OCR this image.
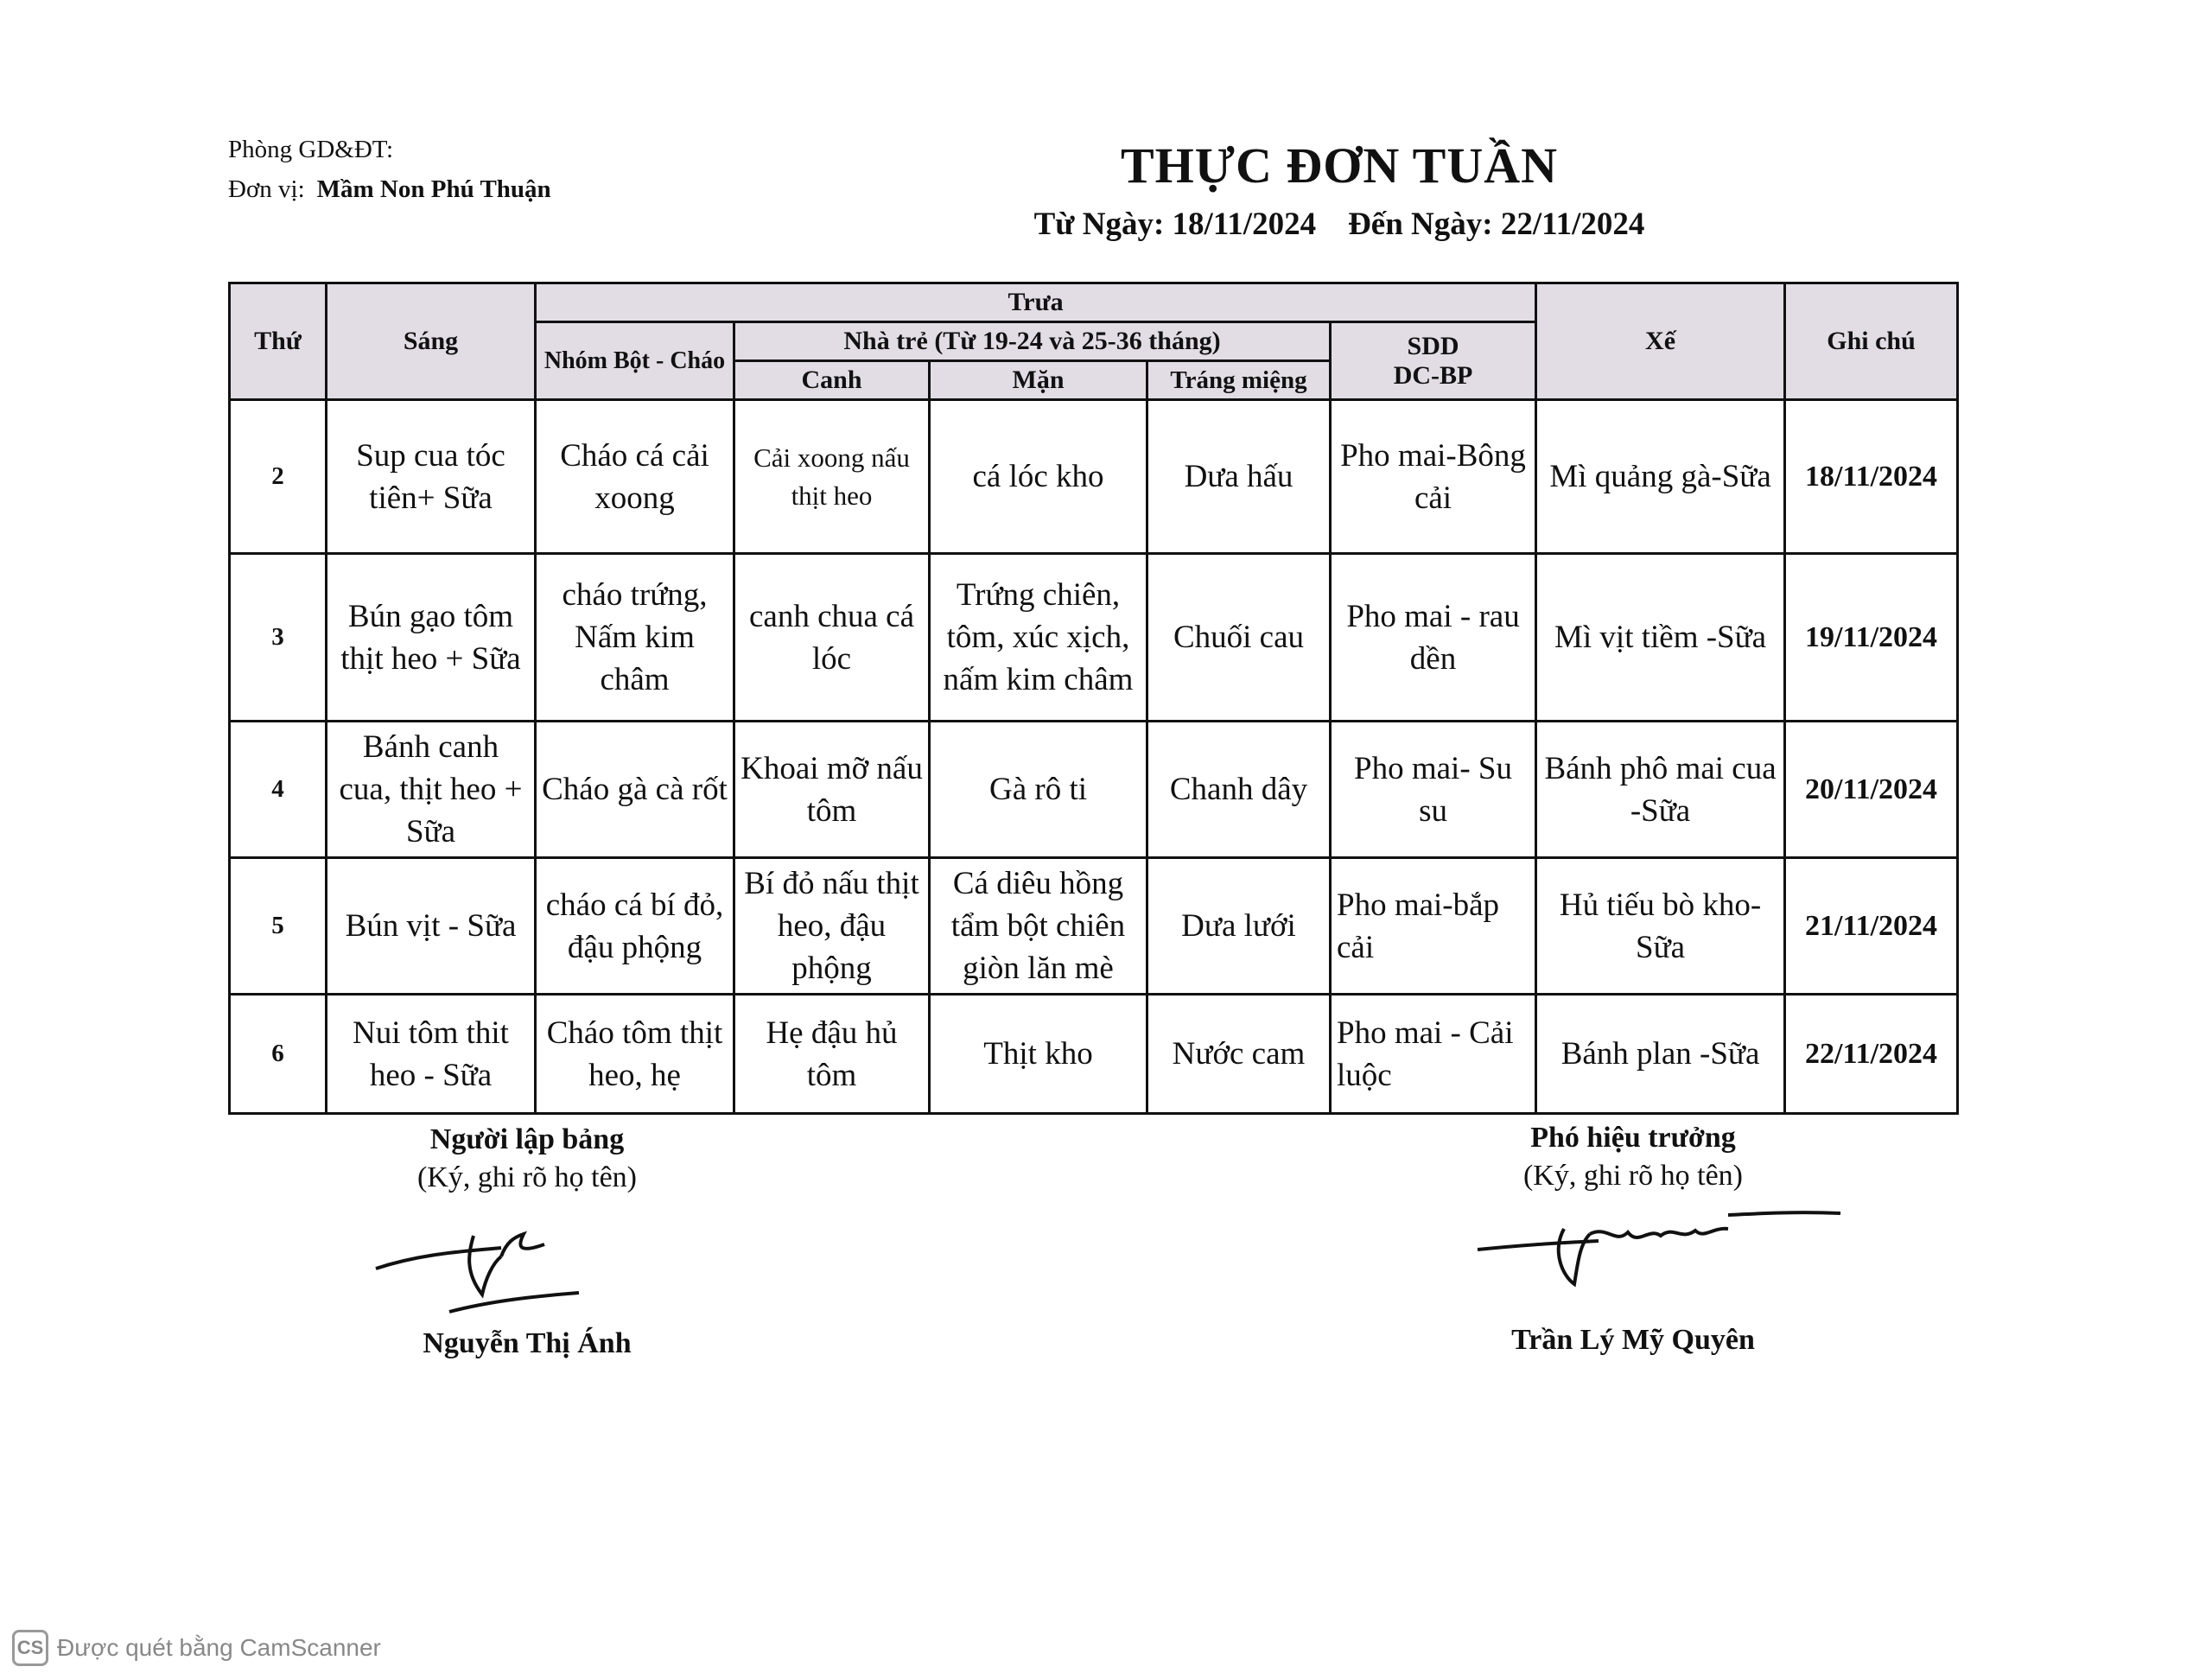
Phòng GD&ĐT:
Đơn vị: Mầm Non Phú Thuận	THỰC ĐƠN TUẦN
Từ Ngày: 18/11/2024 Đến Ngày: 22/11/2024
Thứ	Sáng	Trưa					Xế	Ghi chú
		Nhóm Bột - Cháo	Nhà trẻ (Từ 19-24 và 25-36 tháng)			SDD
DC-BP		

			Canh	Mặn	Tráng miệng			
2	Sup cua tóc tiên+ Sữa	Cháo cá cải xoong	Cải xoong nấu thịt heo	cá lóc kho	Dưa hấu	Pho mai-Bông cải	Mì quảng gà-Sữa	18/11/2024
3	Bún gạo tôm thịt heo + Sữa	cháo trứng, Nấm kim châm	canh chua cá lóc	Trứng chiên, tôm, xúc xịch, nấm kim châm	Chuối cau	Pho mai - rau dền	Mì vịt tiềm -Sữa	19/11/2024
4	Bánh canh cua, thịt heo + Sữa	Cháo gà cà rốt	Khoai mỡ nấu tôm	Gà rô ti	Chanh dây	Pho mai- Su su	Bánh phô mai cua -Sữa	20/11/2024
5	Bún vịt - Sữa	cháo cá bí đỏ, đậu phộng	Bí đỏ nấu thịt heo, đậu phộng	Cá diêu hồng tẩm bột chiên giòn lăn mè	Dưa lưới	Pho mai-bắp cải	Hủ tiếu bò kho-Sữa	21/11/2024
6	Nui tôm thit heo - Sữa	Cháo tôm thịt heo, hẹ	Hẹ đậu hủ tôm	Thịt kho	Nước cam	Pho mai - Cải luộc	Bánh plan -Sữa	22/11/2024
Người lập bảng
(Ký, ghi rõ họ tên)
Nguyễn Thị Ánh
Phó hiệu trưởng
(Ký, ghi rõ họ tên)
Trần Lý Mỹ Quyên
CS Được quét bằng CamScanner
